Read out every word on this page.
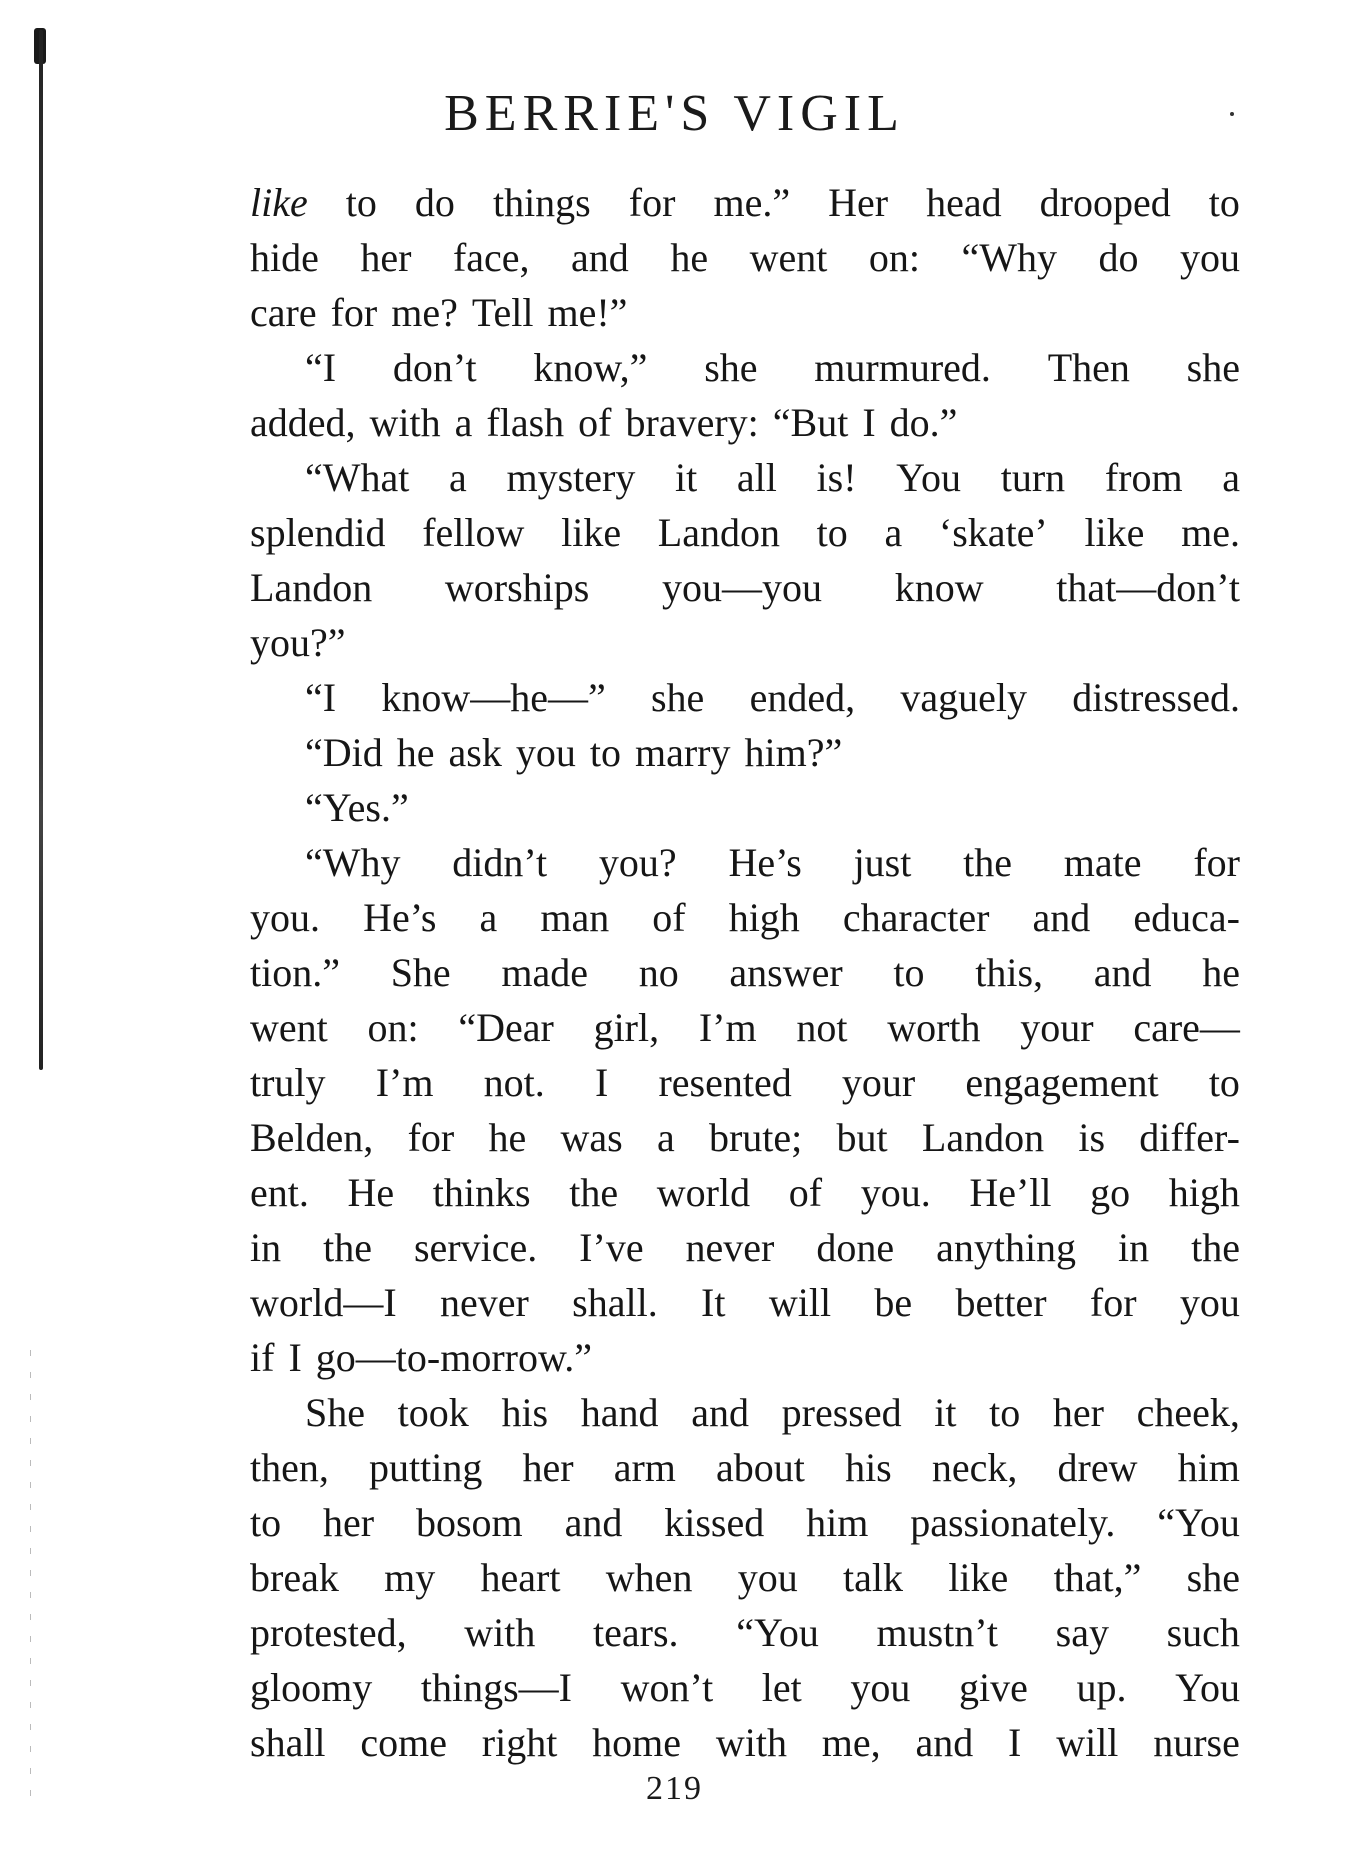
BERRIE'S VIGIL
like to do things for me.” Her head drooped to
hide her face, and he went on: “Why do you
care for me? Tell me!”
“I don’t know,” she murmured. Then she
added, with a flash of bravery: “But I do.”
“What a mystery it all is! You turn from a
splendid fellow like Landon to a ‘skate’ like me.
Landon worships you—you know that—don’t
you?”
“I know—he—” she ended, vaguely distressed.
“Did he ask you to marry him?”
“Yes.”
“Why didn’t you? He’s just the mate for
you. He’s a man of high character and educa-
tion.” She made no answer to this, and he
went on: “Dear girl, I’m not worth your care—
truly I’m not. I resented your engagement to
Belden, for he was a brute; but Landon is differ-
ent. He thinks the world of you. He’ll go high
in the service. I’ve never done anything in the
world—I never shall. It will be better for you
if I go—to-morrow.”
She took his hand and pressed it to her cheek,
then, putting her arm about his neck, drew him
to her bosom and kissed him passionately. “You
break my heart when you talk like that,” she
protested, with tears. “You mustn’t say such
gloomy things—I won’t let you give up. You
shall come right home with me, and I will nurse
219
